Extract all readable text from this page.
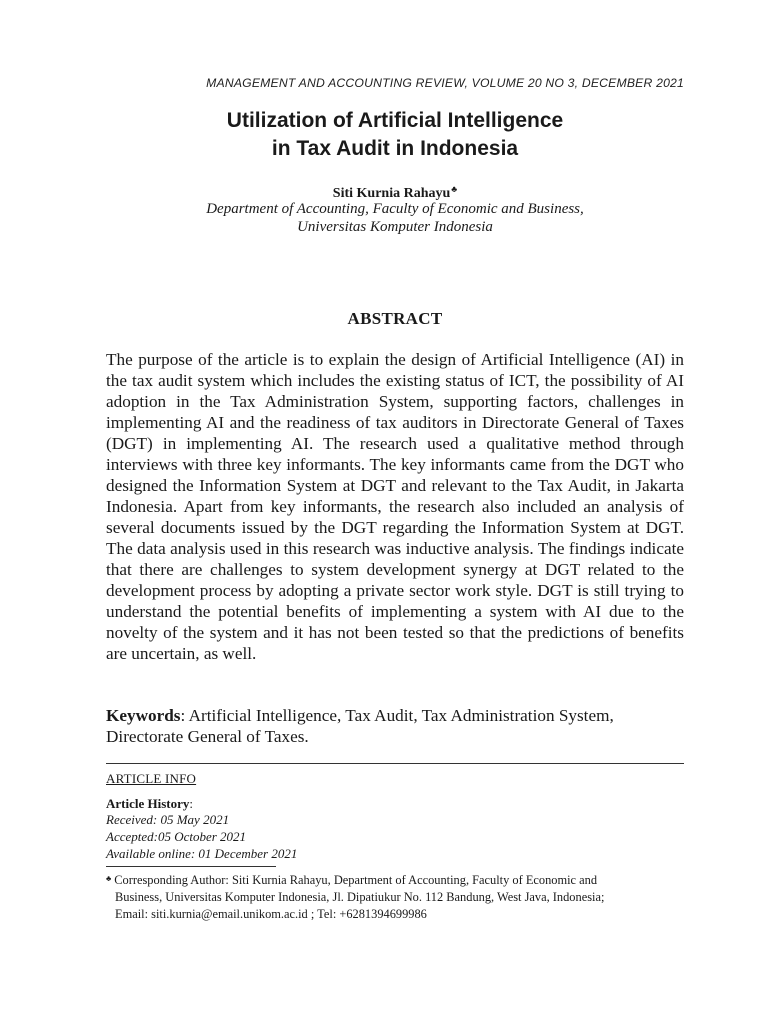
MANAGEMENT AND ACCOUNTING REVIEW, VOLUME 20 NO 3, DECEMBER 2021
Utilization of Artificial Intelligence
in Tax Audit in Indonesia
Siti Kurnia Rahayu♣
Department of Accounting, Faculty of Economic and Business,
Universitas Komputer Indonesia
ABSTRACT

The purpose of the article is to explain the design of Artificial Intelligence (AI) in the tax audit system which includes the existing status of ICT, the possibility of AI adoption in the Tax Administration System, supporting factors, challenges in implementing AI and the readiness of tax auditors in Directorate General of Taxes (DGT) in implementing AI. The research used a qualitative method through interviews with three key informants. The key informants came from the DGT who designed the Information System at DGT and relevant to the Tax Audit, in Jakarta Indonesia. Apart from key informants, the research also included an analysis of several documents issued by the DGT regarding the Information System at DGT. The data analysis used in this research was inductive analysis. The findings indicate that there are challenges to system development synergy at DGT related to the development process by adopting a private sector work style. DGT is still trying to understand the potential benefits of implementing a system with AI due to the novelty of the system and it has not been tested so that the predictions of benefits are uncertain, as well.

Keywords: Artificial Intelligence, Tax Audit, Tax Administration System, Directorate General of Taxes.

ARTICLE INFO
Article History:
Received: 05 May 2021
Accepted:05 October 2021
Available online: 01 December 2021

♣ Corresponding Author: Siti Kurnia Rahayu, Department of Accounting, Faculty of Economic and
Business, Universitas Komputer Indonesia, Jl. Dipatiukur No. 112 Bandung, West Java, Indonesia;
Email: siti.kurnia@email.unikom.ac.id ; Tel: +6281394699986
